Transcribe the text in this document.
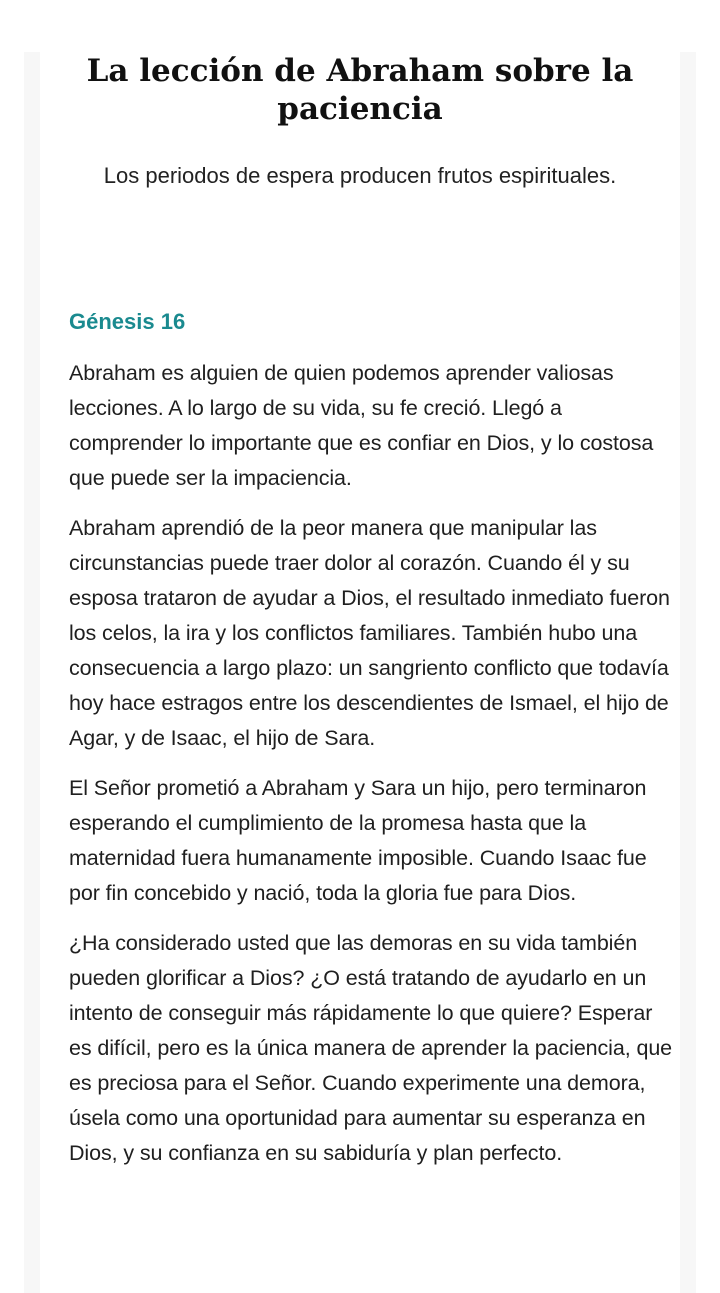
La lección de Abraham sobre la paciencia

Los periodos de espera producen frutos espirituales.

Génesis 16

Abraham es alguien de quien podemos aprender valiosas lecciones. A lo largo de su vida, su fe creció. Llegó a comprender lo importante que es confiar en Dios, y lo costosa que puede ser la impaciencia.

Abraham aprendió de la peor manera que manipular las circunstancias puede traer dolor al corazón. Cuando él y su esposa trataron de ayudar a Dios, el resultado inmediato fueron los celos, la ira y los conflictos familiares. También hubo una consecuencia a largo plazo: un sangriento conflicto que todavía hoy hace estragos entre los descendientes de Ismael, el hijo de Agar, y de Isaac, el hijo de Sara.

El Señor prometió a Abraham y Sara un hijo, pero terminaron esperando el cumplimiento de la promesa hasta que la maternidad fuera humanamente imposible. Cuando Isaac fue por fin concebido y nació, toda la gloria fue para Dios.

¿Ha considerado usted que las demoras en su vida también pueden glorificar a Dios? ¿O está tratando de ayudarlo en un intento de conseguir más rápidamente lo que quiere? Esperar es difícil, pero es la única manera de aprender la paciencia, que es preciosa para el Señor. Cuando experimente una demora, úsela como una oportunidad para aumentar su esperanza en Dios, y su confianza en su sabiduría y plan perfecto.
